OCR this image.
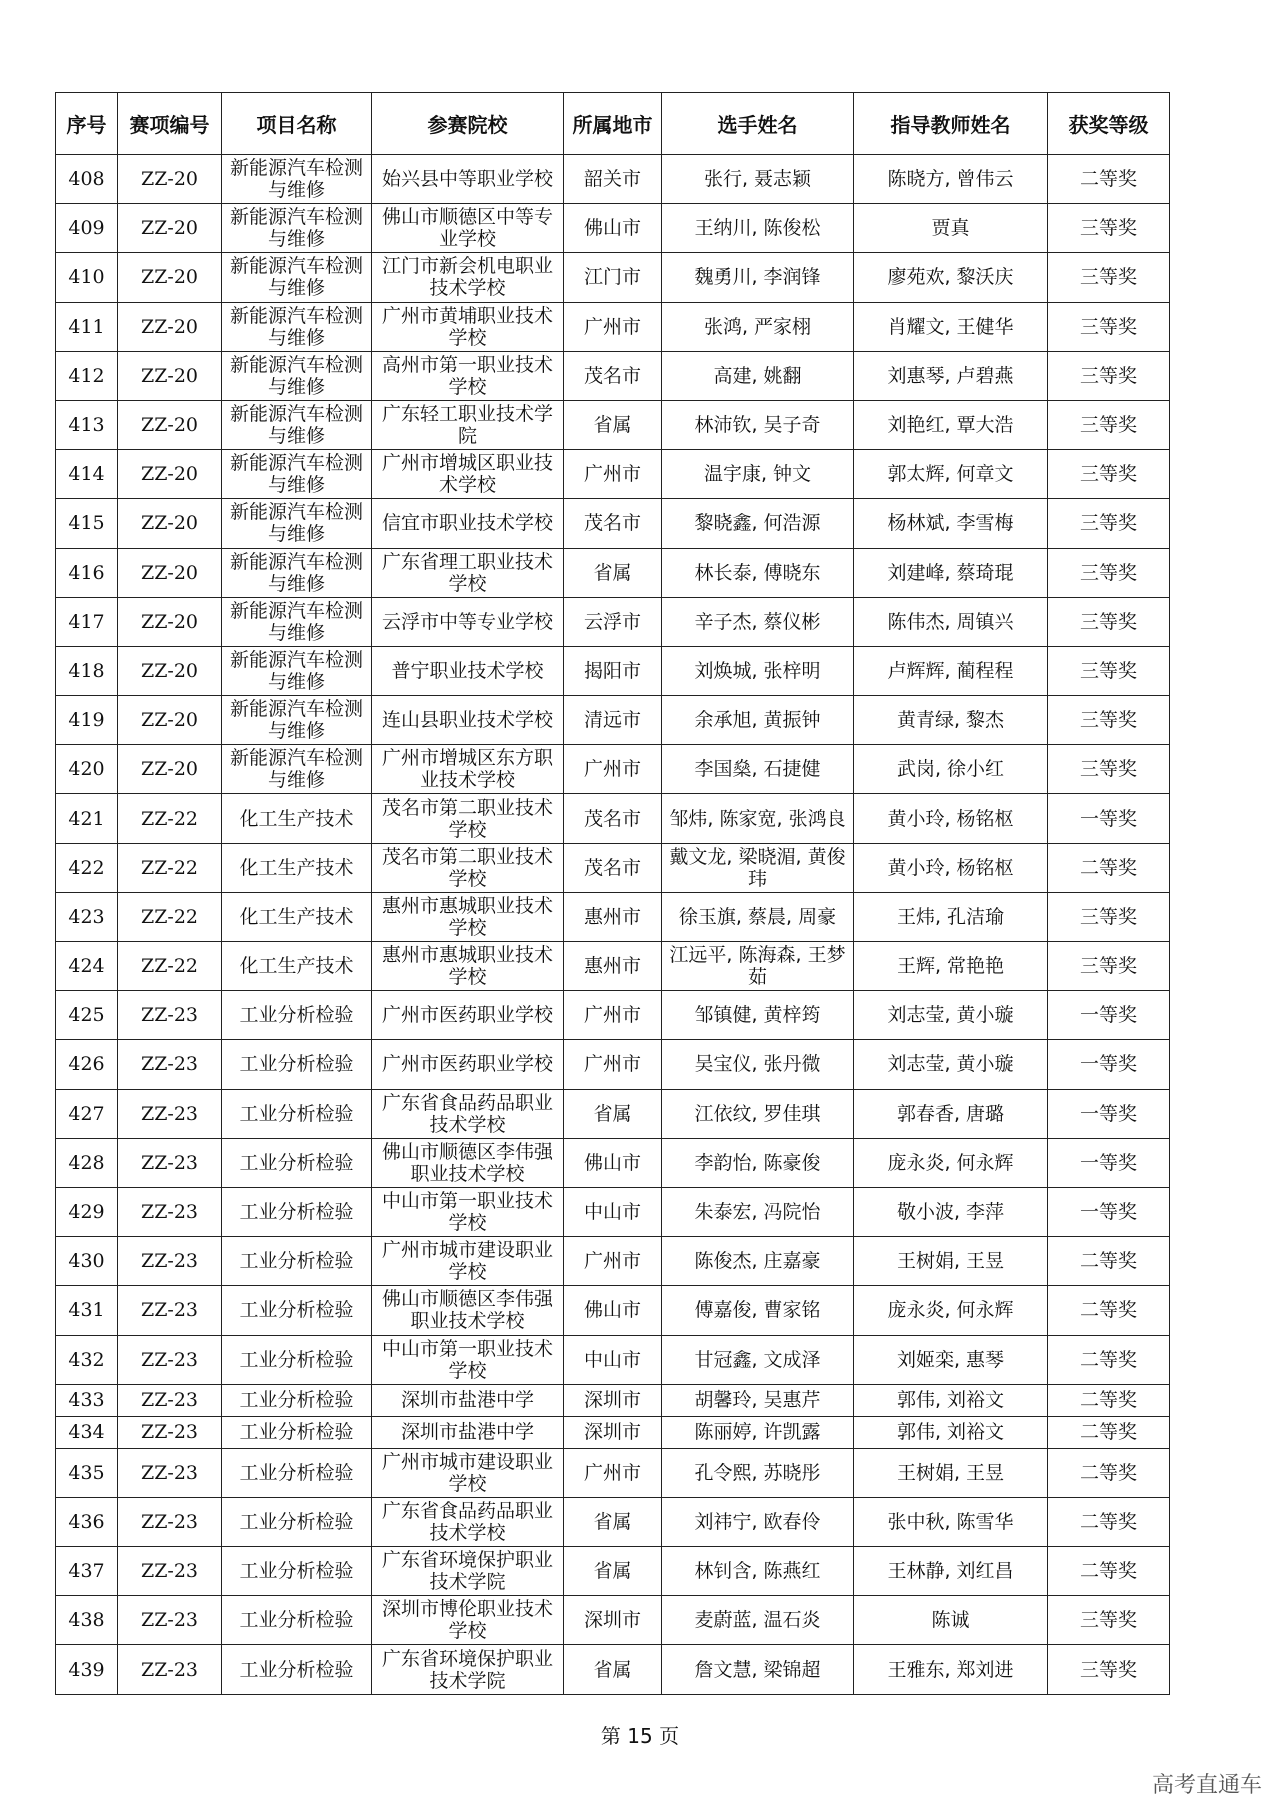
序号	赛项编号	项目名称	参赛院校	所属地市	选手姓名	指导教师姓名	获奖等级

408	ZZ-20	新能源汽车检测与维修	始兴县中等职业学校	韶关市	张行, 聂志颖	陈晓方, 曾伟云	二等奖

409	ZZ-20	新能源汽车检测与维修	佛山市顺德区中等专业学校	佛山市	王纳川, 陈俊松	贾真	三等奖

410	ZZ-20	新能源汽车检测与维修	江门市新会机电职业技术学校	江门市	魏勇川, 李润锋	廖苑欢, 黎沃庆	三等奖

411	ZZ-20	新能源汽车检测与维修	广州市黄埔职业技术学校	广州市	张鸿, 严家栩	肖耀文, 王健华	三等奖

412	ZZ-20	新能源汽车检测与维修	高州市第一职业技术学校	茂名市	高建, 姚翻	刘惠琴, 卢碧燕	三等奖

413	ZZ-20	新能源汽车检测与维修	广东轻工职业技术学院	省属	林沛钦, 吴子奇	刘艳红, 覃大浩	三等奖

414	ZZ-20	新能源汽车检测与维修	广州市增城区职业技术学校	广州市	温宇康, 钟文	郭太辉, 何章文	三等奖

415	ZZ-20	新能源汽车检测与维修	信宜市职业技术学校	茂名市	黎晓鑫, 何浩源	杨林斌, 李雪梅	三等奖

416	ZZ-20	新能源汽车检测与维修	广东省理工职业技术学校	省属	林长泰, 傅晓东	刘建峰, 蔡琦琨	三等奖

417	ZZ-20	新能源汽车检测与维修	云浮市中等专业学校	云浮市	辛子杰, 蔡仪彬	陈伟杰, 周镇兴	三等奖

418	ZZ-20	新能源汽车检测与维修	普宁职业技术学校	揭阳市	刘焕城, 张梓明	卢辉辉, 蔺程程	三等奖

419	ZZ-20	新能源汽车检测与维修	连山县职业技术学校	清远市	余承旭, 黄振钟	黄青绿, 黎杰	三等奖

420	ZZ-20	新能源汽车检测与维修	广州市增城区东方职业技术学校	广州市	李国燊, 石捷健	武岗, 徐小红	三等奖

421	ZZ-22	化工生产技术	茂名市第二职业技术学校	茂名市	邹炜, 陈家宽, 张鸿良	黄小玲, 杨铭枢	一等奖

422	ZZ-22	化工生产技术	茂名市第二职业技术学校	茂名市	戴文龙, 梁晓湄, 黄俊玮	黄小玲, 杨铭枢	二等奖

423	ZZ-22	化工生产技术	惠州市惠城职业技术学校	惠州市	徐玉旗, 蔡晨, 周豪	王炜, 孔洁瑜	三等奖

424	ZZ-22	化工生产技术	惠州市惠城职业技术学校	惠州市	江远平, 陈海森, 王梦茹	王辉, 常艳艳	三等奖

425	ZZ-23	工业分析检验	广州市医药职业学校	广州市	邹镇健, 黄梓筠	刘志莹, 黄小璇	一等奖

426	ZZ-23	工业分析检验	广州市医药职业学校	广州市	吴宝仪, 张丹微	刘志莹, 黄小璇	一等奖

427	ZZ-23	工业分析检验	广东省食品药品职业技术学校	省属	江依纹, 罗佳琪	郭春香, 唐璐	一等奖

428	ZZ-23	工业分析检验	佛山市顺德区李伟强职业技术学校	佛山市	李韵怡, 陈豪俊	庞永炎, 何永辉	一等奖

429	ZZ-23	工业分析检验	中山市第一职业技术学校	中山市	朱泰宏, 冯院怡	敬小波, 李萍	一等奖

430	ZZ-23	工业分析检验	广州市城市建设职业学校	广州市	陈俊杰, 庄嘉豪	王树娟, 王昱	二等奖

431	ZZ-23	工业分析检验	佛山市顺德区李伟强职业技术学校	佛山市	傅嘉俊, 曹家铭	庞永炎, 何永辉	二等奖

432	ZZ-23	工业分析检验	中山市第一职业技术学校	中山市	甘冠鑫, 文成泽	刘姬栾, 惠琴	二等奖

433	ZZ-23	工业分析检验	深圳市盐港中学	深圳市	胡馨玲, 吴惠芹	郭伟, 刘裕文	二等奖

434	ZZ-23	工业分析检验	深圳市盐港中学	深圳市	陈丽婷, 许凯露	郭伟, 刘裕文	二等奖

435	ZZ-23	工业分析检验	广州市城市建设职业学校	广州市	孔令熙, 苏晓彤	王树娟, 王昱	二等奖

436	ZZ-23	工业分析检验	广东省食品药品职业技术学校	省属	刘祎宁, 欧春伶	张中秋, 陈雪华	二等奖

437	ZZ-23	工业分析检验	广东省环境保护职业技术学院	省属	林钊含, 陈燕红	王林静, 刘红昌	二等奖

438	ZZ-23	工业分析检验	深圳市博伦职业技术学校	深圳市	麦蔚蓝, 温石炎	陈诚	三等奖

439	ZZ-23	工业分析检验	广东省环境保护职业技术学院	省属	詹文慧, 梁锦超	王雅东, 郑刘进	三等奖
第 15 页
高考直通车
